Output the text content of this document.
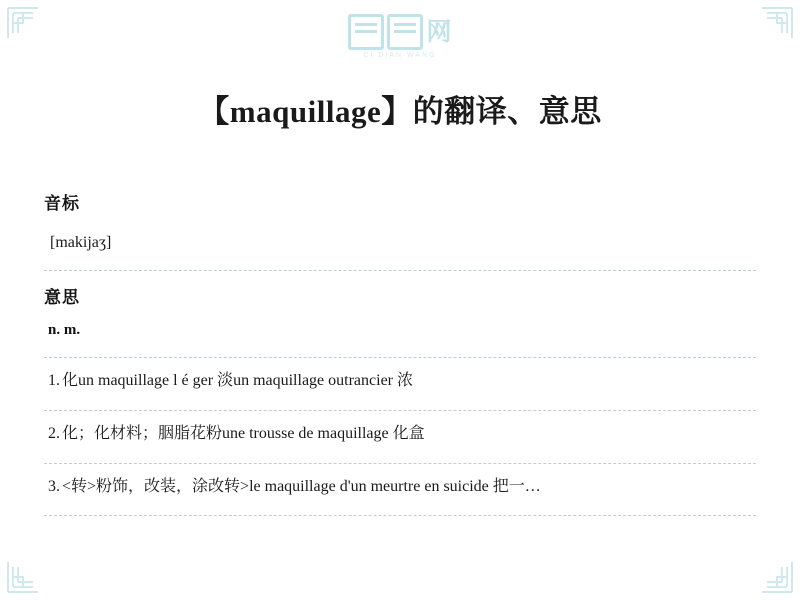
网
CI DIAN WANG
【maquillage】的翻译、意思
音标
[makijaʒ]
意思
n. m.
1. 化un maquillage l é ger 淡un maquillage outrancier 浓
2. 化；化材料；胭脂花粉une trousse de maquillage 化盒
3. <转>粉饰，改装，涂改转>le maquillage d'un meurtre en suicide 把一…
